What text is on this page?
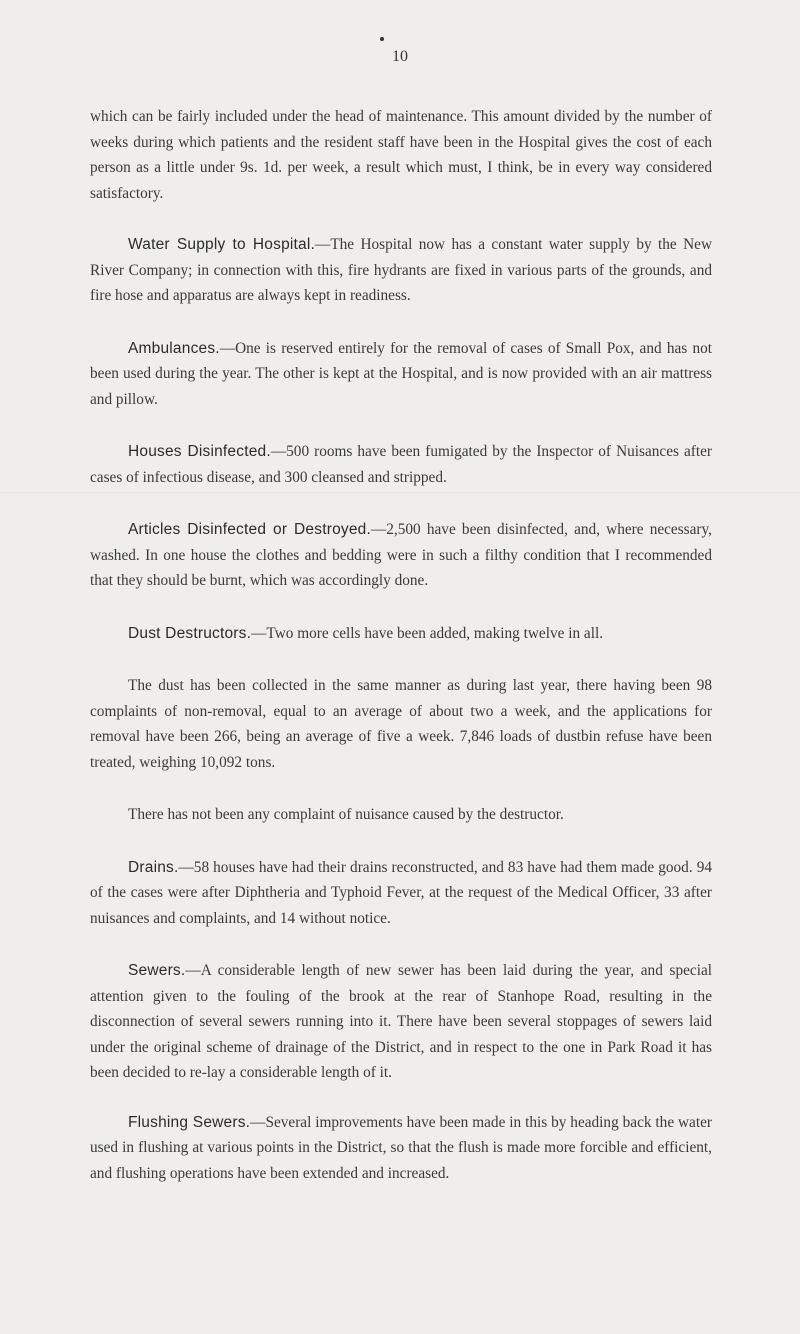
10

which can be fairly included under the head of maintenance. This amount divided by the number of weeks during which patients and the resident staff have been in the Hospital gives the cost of each person as a little under 9s. 1d. per week, a result which must, I think, be in every way considered satisfactory.

Water Supply to Hospital.—The Hospital now has a constant water supply by the New River Company; in connection with this, fire hydrants are fixed in various parts of the grounds, and fire hose and apparatus are always kept in readiness.

Ambulances.—One is reserved entirely for the removal of cases of Small Pox, and has not been used during the year. The other is kept at the Hospital, and is now provided with an air mattress and pillow.

Houses Disinfected.—500 rooms have been fumigated by the Inspector of Nuisances after cases of infectious disease, and 300 cleansed and stripped.

Articles Disinfected or Destroyed.—2,500 have been disinfected, and, where necessary, washed. In one house the clothes and bedding were in such a filthy condition that I recommended that they should be burnt, which was accordingly done.

Dust Destructors.—Two more cells have been added, making twelve in all.

The dust has been collected in the same manner as during last year, there having been 98 complaints of non-removal, equal to an average of about two a week, and the applications for removal have been 266, being an average of five a week. 7,846 loads of dustbin refuse have been treated, weighing 10,092 tons.

There has not been any complaint of nuisance caused by the destructor.

Drains.—58 houses have had their drains reconstructed, and 83 have had them made good. 94 of the cases were after Diphtheria and Typhoid Fever, at the request of the Medical Officer, 33 after nuisances and complaints, and 14 without notice.

Sewers.—A considerable length of new sewer has been laid during the year, and special attention given to the fouling of the brook at the rear of Stanhope Road, resulting in the disconnection of several sewers running into it. There have been several stoppages of sewers laid under the original scheme of drainage of the District, and in respect to the one in Park Road it has been decided to re-lay a considerable length of it.

Flushing Sewers.—Several improvements have been made in this by heading back the water used in flushing at various points in the District, so that the flush is made more forcible and efficient, and flushing operations have been extended and increased.
